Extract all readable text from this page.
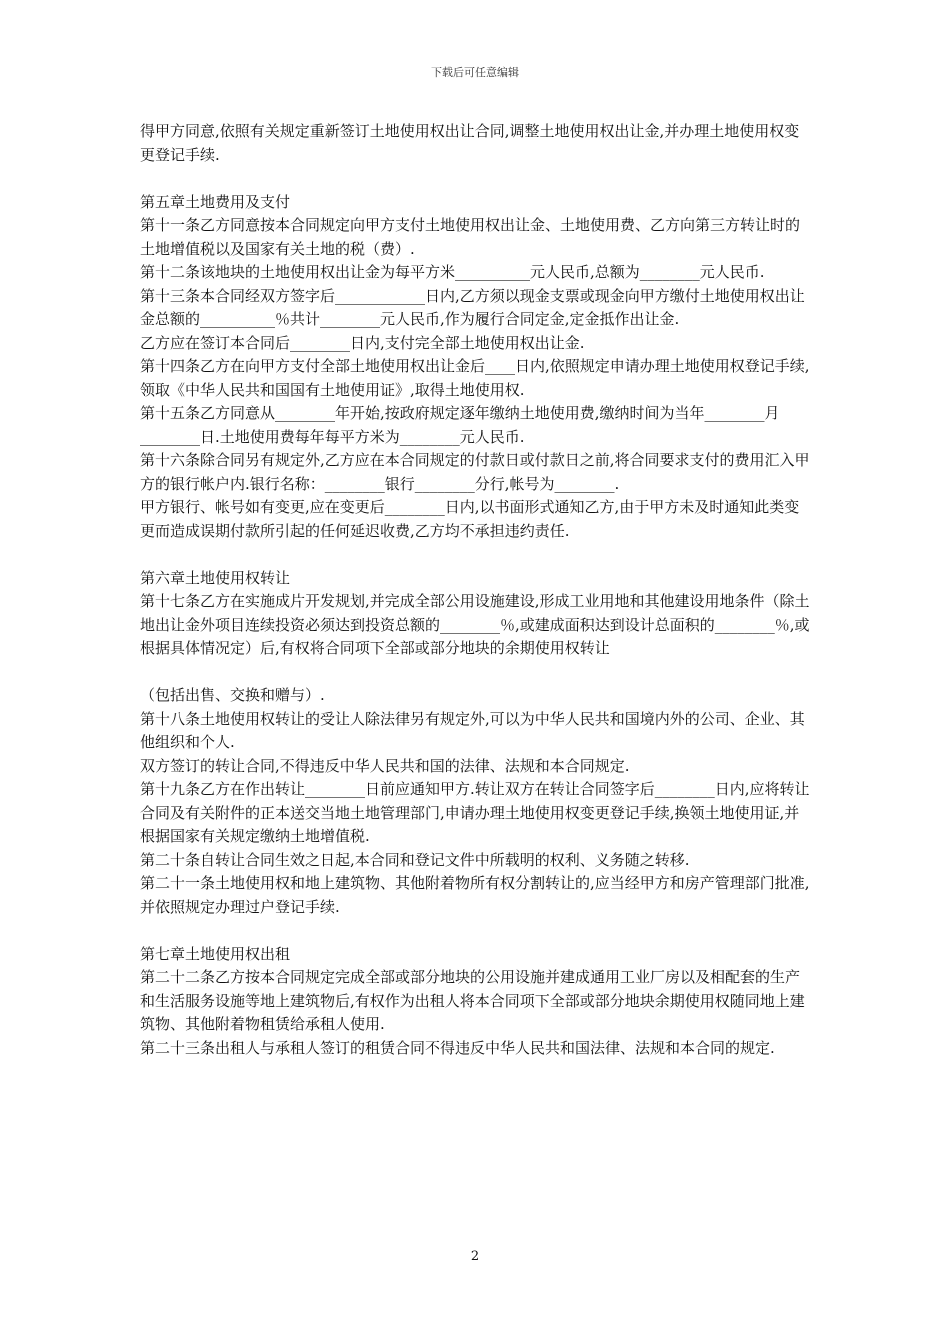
下载后可任意编辑

得甲方同意,依照有关规定重新签订土地使用权出让合同,调整土地使用权出让金,并办理土地使用权变更登记手续.

第五章土地费用及支付

第十一条乙方同意按本合同规定向甲方支付土地使用权出让金、土地使用费、乙方向第三方转让时的土地增值税以及国家有关土地的税（费）.

第十二条该地块的土地使用权出让金为每平方米__________元人民币,总额为________元人民币.

第十三条本合同经双方签字后____________日内,乙方须以现金支票或现金向甲方缴付土地使用权出让金总额的__________％共计________元人民币,作为履行合同定金,定金抵作出让金.

乙方应在签订本合同后________日内,支付完全部土地使用权出让金.

第十四条乙方在向甲方支付全部土地使用权出让金后____日内,依照规定申请办理土地使用权登记手续,领取《中华人民共和国国有土地使用证》,取得土地使用权.

第十五条乙方同意从________年开始,按政府规定逐年缴纳土地使用费,缴纳时间为当年________月________日.土地使用费每年每平方米为________元人民币.

第十六条除合同另有规定外,乙方应在本合同规定的付款日或付款日之前,将合同要求支付的费用汇入甲方的银行帐户内.银行名称：________银行________分行,帐号为________.

甲方银行、帐号如有变更,应在变更后________日内,以书面形式通知乙方,由于甲方未及时通知此类变更而造成误期付款所引起的任何延迟收费,乙方均不承担违约责任.

第六章土地使用权转让

第十七条乙方在实施成片开发规划,并完成全部公用设施建设,形成工业用地和其他建设用地条件（除土地出让金外项目连续投资必须达到投资总额的________％,或建成面积达到设计总面积的________％,或根据具体情况定）后,有权将合同项下全部或部分地块的余期使用权转让

（包括出售、交换和赠与）.

第十八条土地使用权转让的受让人除法律另有规定外,可以为中华人民共和国境内外的公司、企业、其他组织和个人.

双方签订的转让合同,不得违反中华人民共和国的法律、法规和本合同规定.

第十九条乙方在作出转让________日前应通知甲方.转让双方在转让合同签字后________日内,应将转让合同及有关附件的正本送交当地土地管理部门,申请办理土地使用权变更登记手续,换领土地使用证,并根据国家有关规定缴纳土地增值税.

第二十条自转让合同生效之日起,本合同和登记文件中所载明的权利、义务随之转移.

第二十一条土地使用权和地上建筑物、其他附着物所有权分割转让的,应当经甲方和房产管理部门批准,并依照规定办理过户登记手续.

第七章土地使用权出租

第二十二条乙方按本合同规定完成全部或部分地块的公用设施并建成通用工业厂房以及相配套的生产和生活服务设施等地上建筑物后,有权作为出租人将本合同项下全部或部分地块余期使用权随同地上建筑物、其他附着物租赁给承租人使用.

第二十三条出租人与承租人签订的租赁合同不得违反中华人民共和国法律、法规和本合同的规定.

2
